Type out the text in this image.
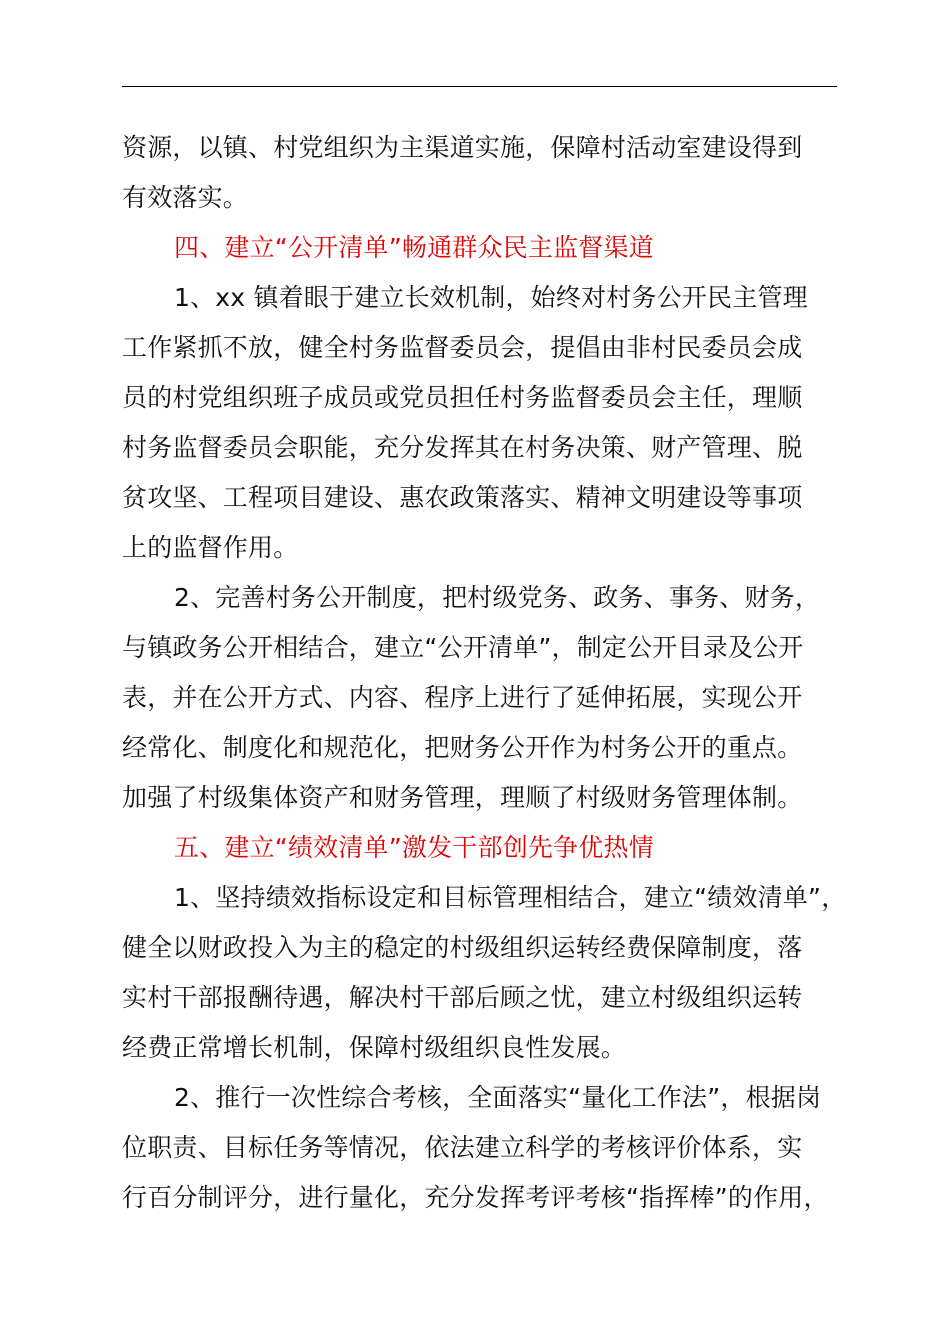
资源，以镇、村党组织为主渠道实施，保障村活动室建设得到
有效落实。
四、建立“公开清单”畅通群众民主监督渠道
1、xx 镇着眼于建立长效机制，始终对村务公开民主管理
工作紧抓不放，健全村务监督委员会，提倡由非村民委员会成
员的村党组织班子成员或党员担任村务监督委员会主任，理顺
村务监督委员会职能，充分发挥其在村务决策、财产管理、脱
贫攻坚、工程项目建设、惠农政策落实、精神文明建设等事项
上的监督作用。
2、完善村务公开制度，把村级党务、政务、事务、财务，
与镇政务公开相结合，建立“公开清单”，制定公开目录及公开
表，并在公开方式、内容、程序上进行了延伸拓展，实现公开
经常化、制度化和规范化，把财务公开作为村务公开的重点。
加强了村级集体资产和财务管理，理顺了村级财务管理体制。
五、建立“绩效清单”激发干部创先争优热情
1、坚持绩效指标设定和目标管理相结合，建立“绩效清单”，
健全以财政投入为主的稳定的村级组织运转经费保障制度，落
实村干部报酬待遇，解决村干部后顾之忧，建立村级组织运转
经费正常增长机制，保障村级组织良性发展。
2、推行一次性综合考核，全面落实“量化工作法”，根据岗
位职责、目标任务等情况，依法建立科学的考核评价体系，实
行百分制评分，进行量化，充分发挥考评考核“指挥棒”的作用，
